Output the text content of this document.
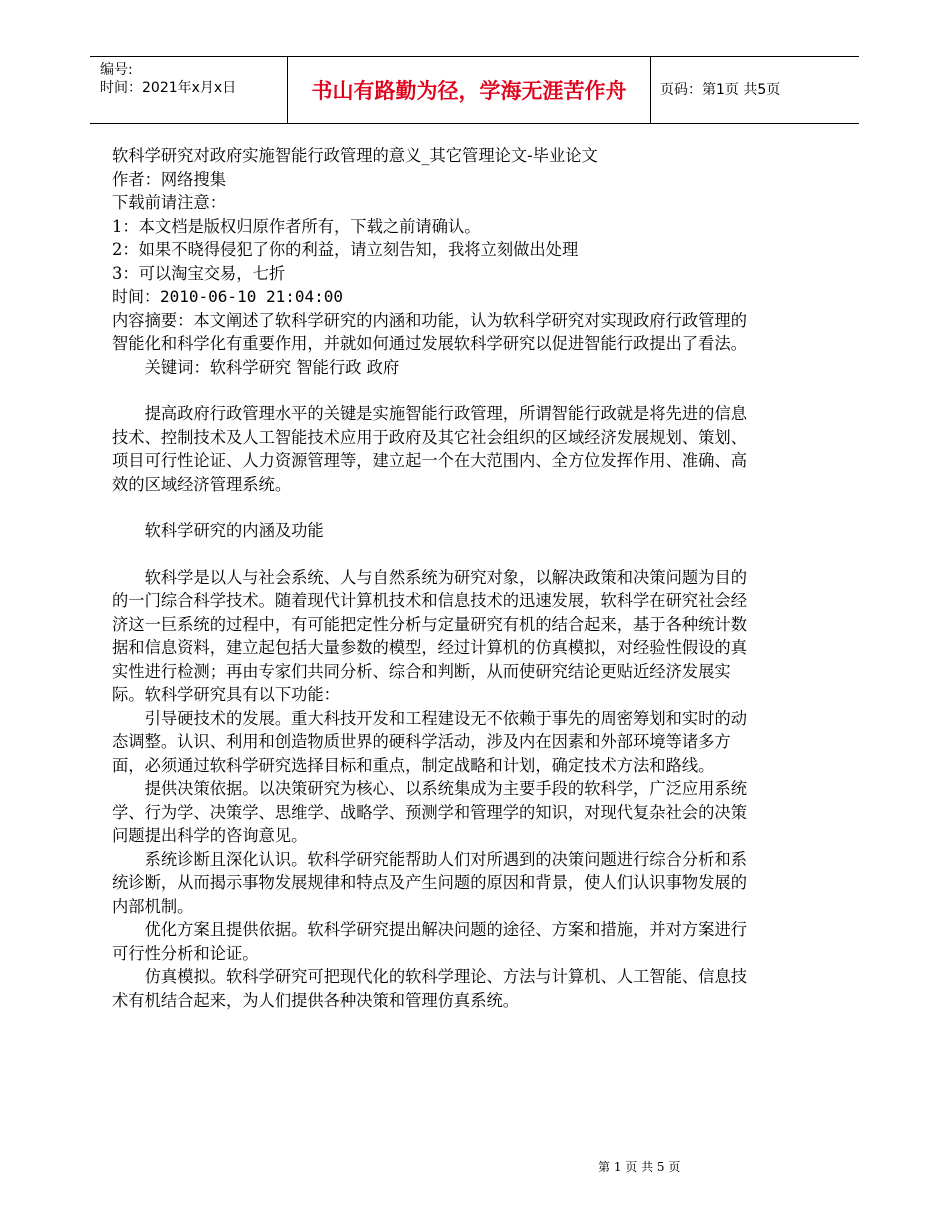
编号:
时间：2021年x月x日	书山有路勤为径，学海无涯苦作舟	页码：第1页 共5页

软科学研究对政府实施智能行政管理的意义_其它管理论文-毕业论文

作者：网络搜集

下载前请注意：

1：本文档是版权归原作者所有，下载之前请确认。

2：如果不晓得侵犯了你的利益，请立刻告知，我将立刻做出处理

3：可以淘宝交易，七折

时间：2010-06-10 21:04:00

内容摘要：本文阐述了软科学研究的内涵和功能，认为软科学研究对实现政府行政管理的智能化和科学化有重要作用，并就如何通过发展软科学研究以促进智能行政提出了看法。

关键词：软科学研究 智能行政 政府

提高政府行政管理水平的关键是实施智能行政管理，所谓智能行政就是将先进的信息技术、控制技术及人工智能技术应用于政府及其它社会组织的区域经济发展规划、策划、项目可行性论证、人力资源管理等，建立起一个在大范围内、全方位发挥作用、准确、高效的区域经济管理系统。

软科学研究的内涵及功能

软科学是以人与社会系统、人与自然系统为研究对象，以解决政策和决策问题为目的的一门综合科学技术。随着现代计算机技术和信息技术的迅速发展，软科学在研究社会经济这一巨系统的过程中，有可能把定性分析与定量研究有机的结合起来，基于各种统计数据和信息资料，建立起包括大量参数的模型，经过计算机的仿真模拟，对经验性假设的真实性进行检测；再由专家们共同分析、综合和判断，从而使研究结论更贴近经济发展实际。软科学研究具有以下功能：

引导硬技术的发展。重大科技开发和工程建设无不依赖于事先的周密筹划和实时的动态调整。认识、利用和创造物质世界的硬科学活动，涉及内在因素和外部环境等诸多方面，必须通过软科学研究选择目标和重点，制定战略和计划，确定技术方法和路线。

提供决策依据。以决策研究为核心、以系统集成为主要手段的软科学，广泛应用系统学、行为学、决策学、思维学、战略学、预测学和管理学的知识，对现代复杂社会的决策问题提出科学的咨询意见。

系统诊断且深化认识。软科学研究能帮助人们对所遇到的决策问题进行综合分析和系统诊断，从而揭示事物发展规律和特点及产生问题的原因和背景，使人们认识事物发展的内部机制。

优化方案且提供依据。软科学研究提出解决问题的途径、方案和措施，并对方案进行可行性分析和论证。

仿真模拟。软科学研究可把现代化的软科学理论、方法与计算机、人工智能、信息技术有机结合起来，为人们提供各种决策和管理仿真系统。

第 1 页 共 5 页
